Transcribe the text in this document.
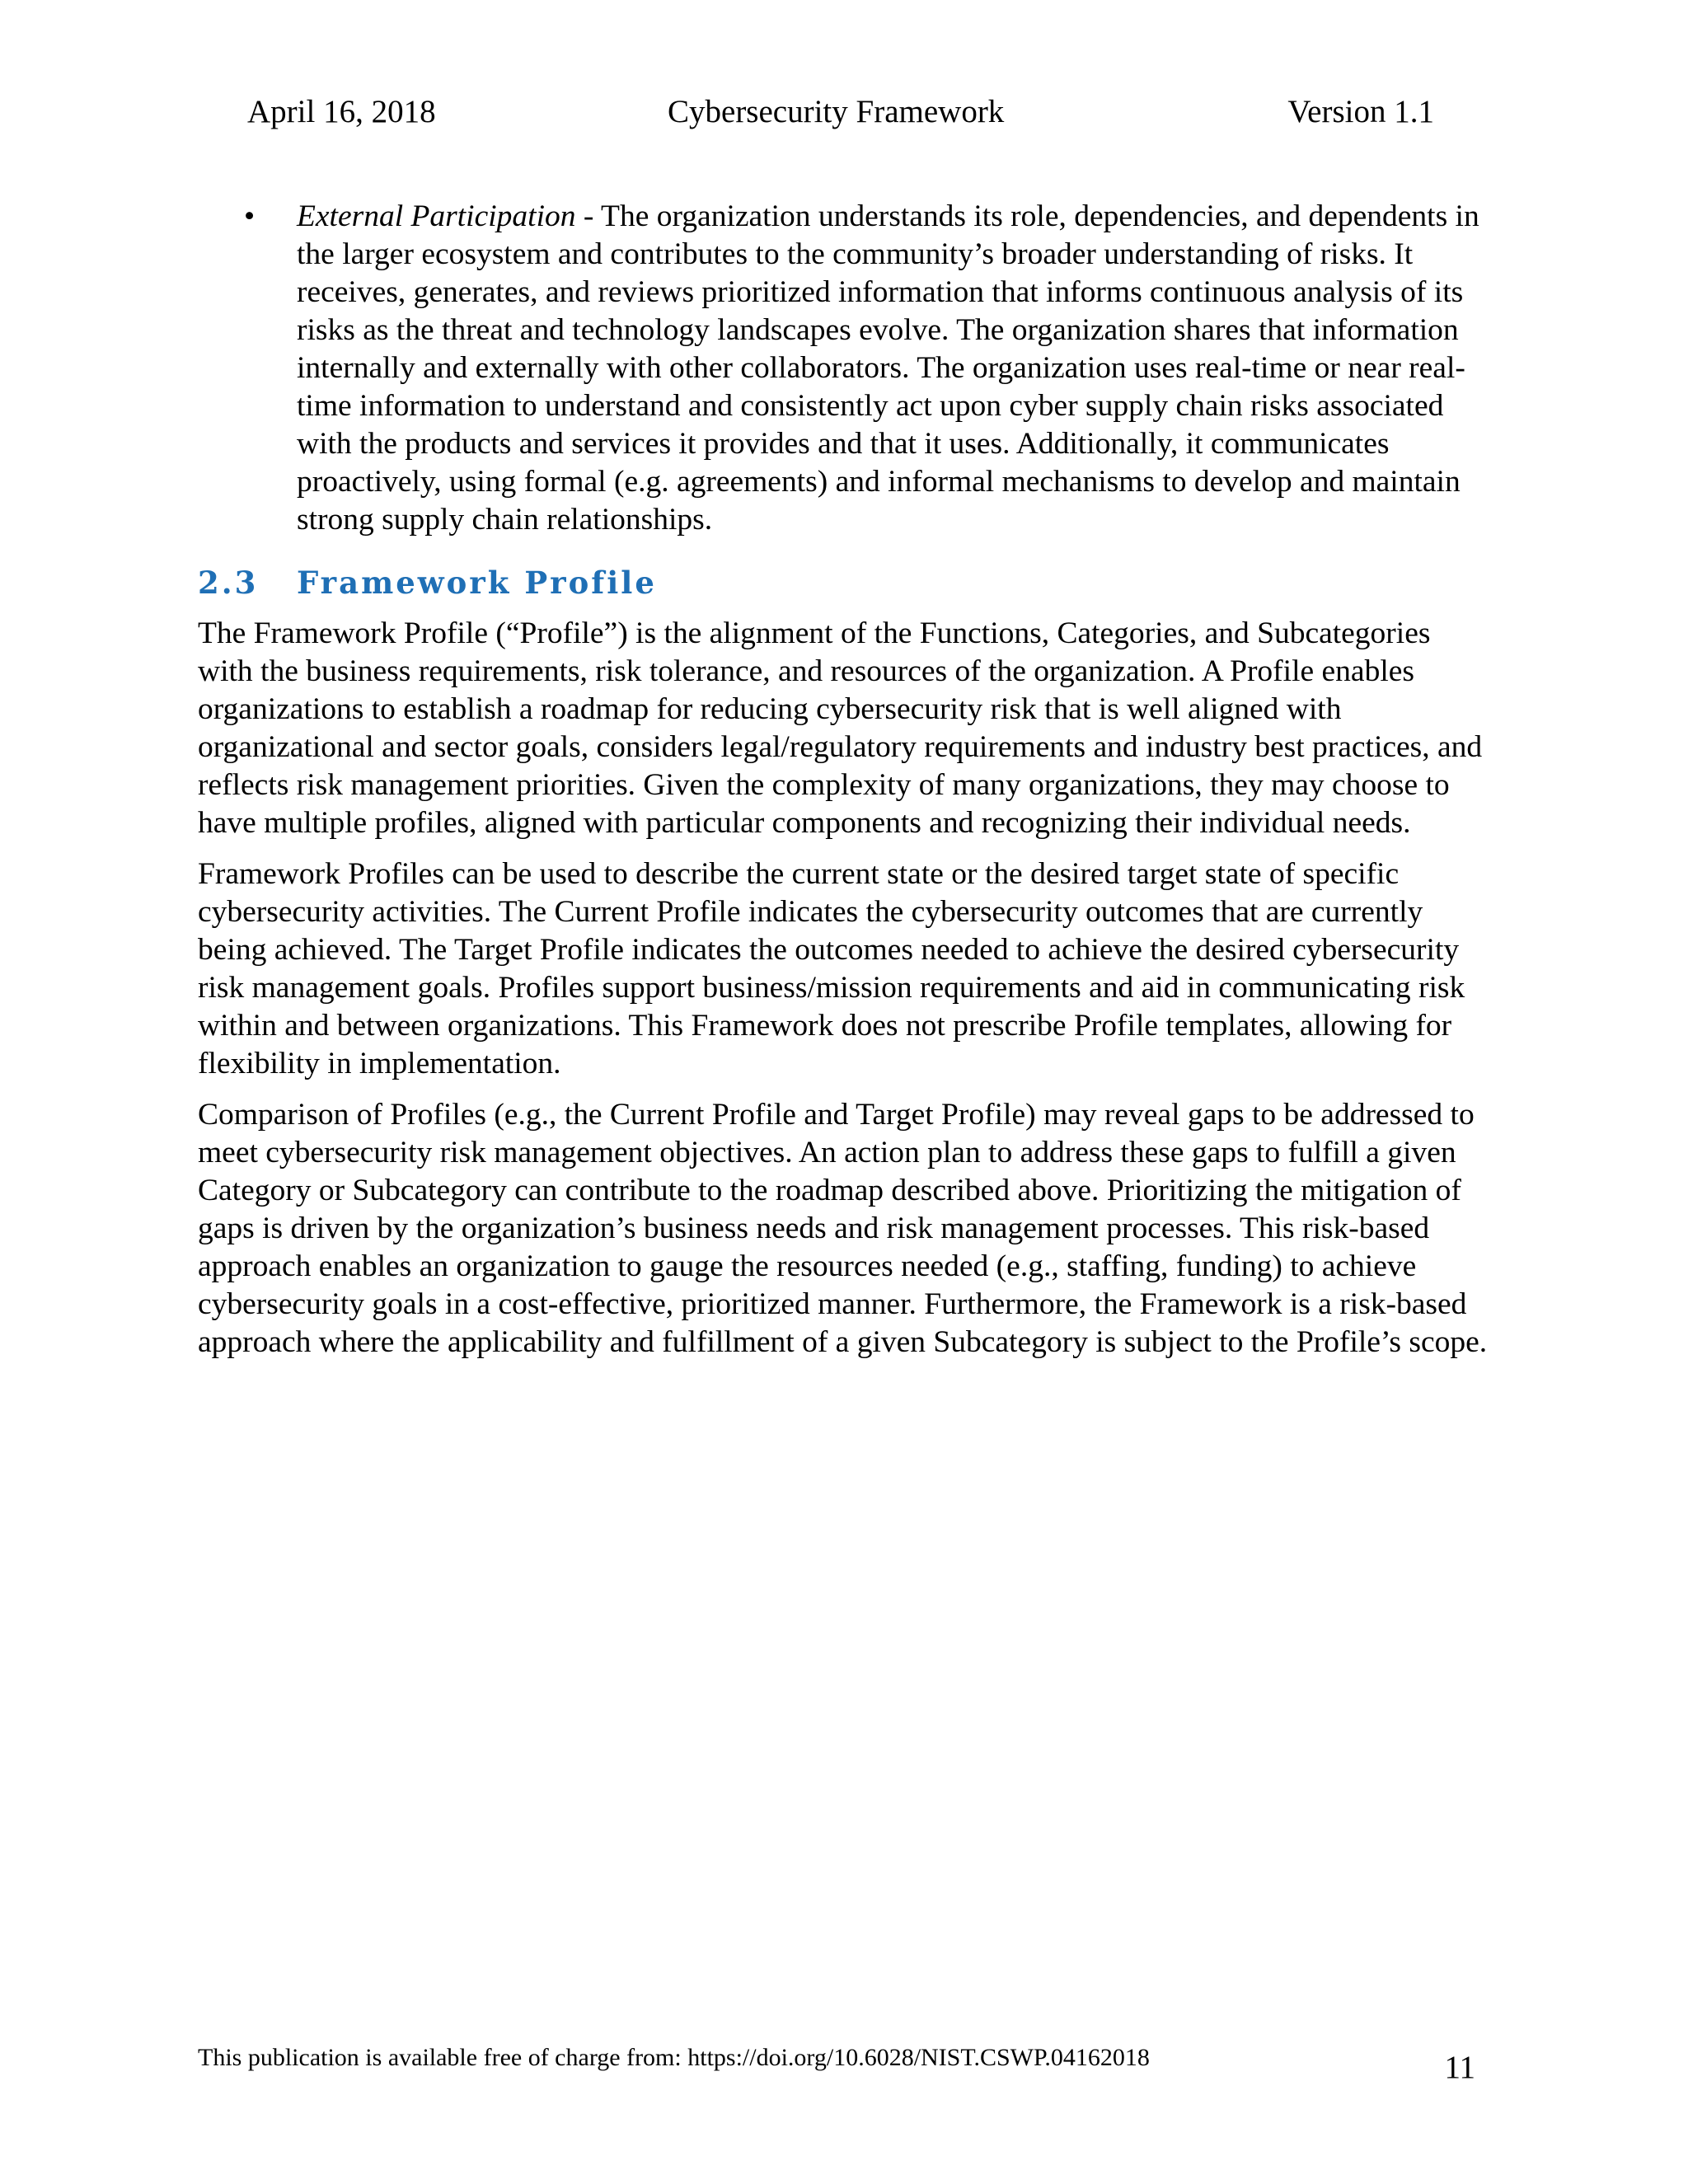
April 16, 2018	Cybersecurity Framework	Version 1.1

• External Participation - The organization understands its role, dependencies, and dependents in the larger ecosystem and contributes to the community’s broader understanding of risks. It receives, generates, and reviews prioritized information that informs continuous analysis of its risks as the threat and technology landscapes evolve. The organization shares that information internally and externally with other collaborators. The organization uses real-time or near real-time information to understand and consistently act upon cyber supply chain risks associated with the products and services it provides and that it uses. Additionally, it communicates proactively, using formal (e.g. agreements) and informal mechanisms to develop and maintain strong supply chain relationships.

2.3 Framework Profile

The Framework Profile (“Profile”) is the alignment of the Functions, Categories, and Subcategories with the business requirements, risk tolerance, and resources of the organization. A Profile enables organizations to establish a roadmap for reducing cybersecurity risk that is well aligned with organizational and sector goals, considers legal/regulatory requirements and industry best practices, and reflects risk management priorities. Given the complexity of many organizations, they may choose to have multiple profiles, aligned with particular components and recognizing their individual needs.

Framework Profiles can be used to describe the current state or the desired target state of specific cybersecurity activities. The Current Profile indicates the cybersecurity outcomes that are currently being achieved. The Target Profile indicates the outcomes needed to achieve the desired cybersecurity risk management goals. Profiles support business/mission requirements and aid in communicating risk within and between organizations. This Framework does not prescribe Profile templates, allowing for flexibility in implementation.

Comparison of Profiles (e.g., the Current Profile and Target Profile) may reveal gaps to be addressed to meet cybersecurity risk management objectives. An action plan to address these gaps to fulfill a given Category or Subcategory can contribute to the roadmap described above. Prioritizing the mitigation of gaps is driven by the organization’s business needs and risk management processes. This risk-based approach enables an organization to gauge the resources needed (e.g., staffing, funding) to achieve cybersecurity goals in a cost-effective, prioritized manner. Furthermore, the Framework is a risk-based approach where the applicability and fulfillment of a given Subcategory is subject to the Profile’s scope.

This publication is available free of charge from: https://doi.org/10.6028/NIST.CSWP.04162018	11
